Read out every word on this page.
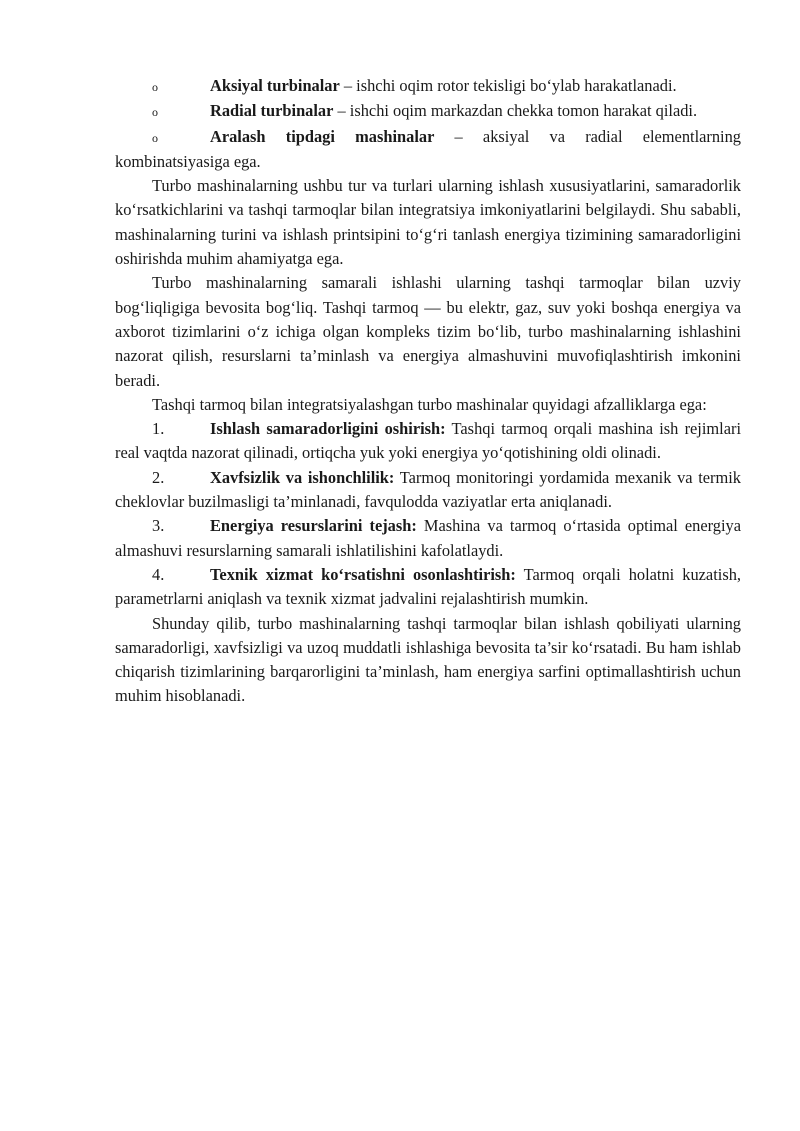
o	Aksiyal turbinalar – ishchi oqim rotor tekisligi bo‘ylab harakatlanadi.

o	Radial turbinalar – ishchi oqim markazdan chekka tomon harakat qiladi.

o	Aralash tipdagi mashinalar – aksiyal va radial elementlarning kombinatsiyasiga ega.

Turbo mashinalarning ushbu tur va turlari ularning ishlash xususiyatlarini, samaradorlik ko‘rsatkichlarini va tashqi tarmoqlar bilan integratsiya imkoniyatlarini belgilaydi. Shu sababli, mashinalarning turini va ishlash printsipini to‘g‘ri tanlash energiya tizimining samaradorligini oshirishda muhim ahamiyatga ega.

Turbo mashinalarning samarali ishlashi ularning tashqi tarmoqlar bilan uzviy bog‘liqligiga bevosita bog‘liq. Tashqi tarmoq — bu elektr, gaz, suv yoki boshqa energiya va axborot tizimlarini o‘z ichiga olgan kompleks tizim bo‘lib, turbo mashinalarning ishlashini nazorat qilish, resurslarni ta’minlash va energiya almashuvini muvofiqlashtirish imkonini beradi.

Tashqi tarmoq bilan integratsiyalashgan turbo mashinalar quyidagi afzalliklarga ega:

1.	Ishlash samaradorligini oshirish: Tashqi tarmoq orqali mashina ish rejimlari real vaqtda nazorat qilinadi, ortiqcha yuk yoki energiya yo‘qotishining oldi olinadi.

2.	Xavfsizlik va ishonchlilik: Tarmoq monitoringi yordamida mexanik va termik cheklovlar buzilmasligi ta’minlanadi, favqulodda vaziyatlar erta aniqlanadi.

3.	Energiya resurslarini tejash: Mashina va tarmoq o‘rtasida optimal energiya almashuvi resurslarning samarali ishlatilishini kafolatlaydi.

4.	Texnik xizmat ko‘rsatishni osonlashtirish: Tarmoq orqali holatni kuzatish, parametrlarni aniqlash va texnik xizmat jadvalini rejalashtirish mumkin.

Shunday qilib, turbo mashinalarning tashqi tarmoqlar bilan ishlash qobiliyati ularning samaradorligi, xavfsizligi va uzoq muddatli ishlashiga bevosita ta’sir ko‘rsatadi. Bu ham ishlab chiqarish tizimlarining barqarorligini ta’minlash, ham energiya sarfini optimallashtirish uchun muhim hisoblanadi.
